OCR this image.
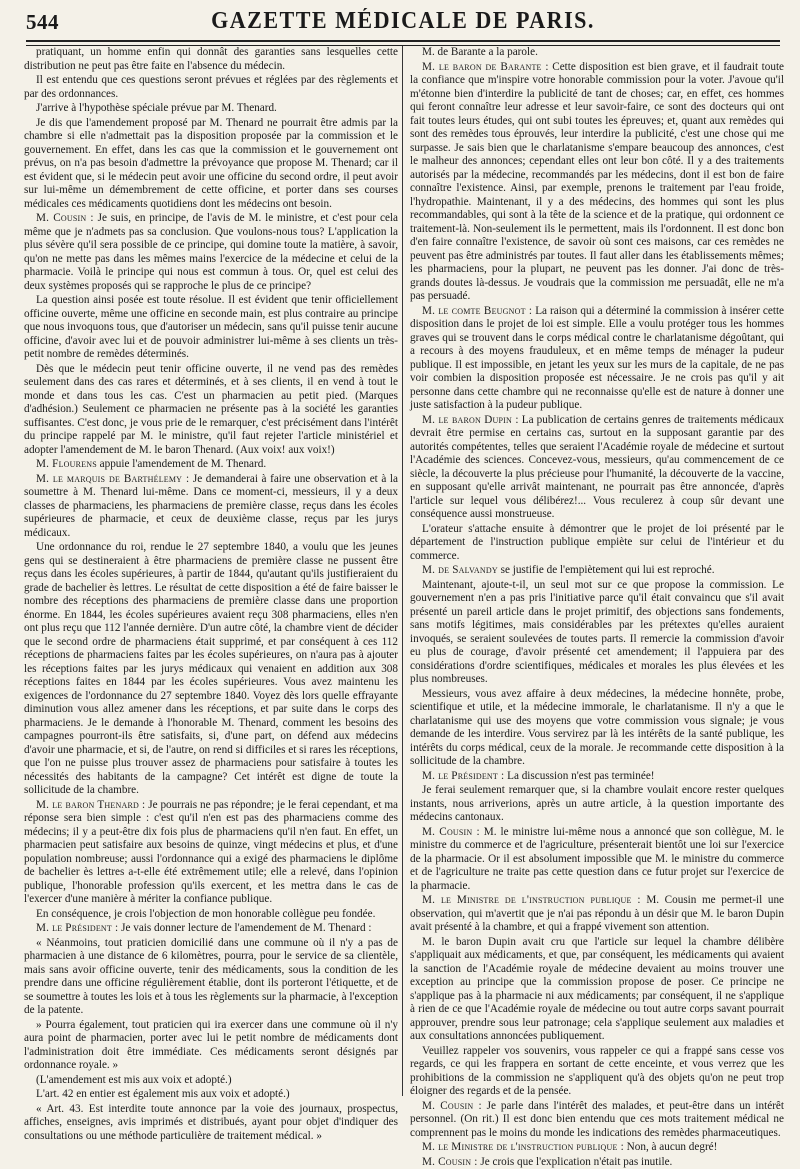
544	GAZETTE MÉDICALE DE PARIS.

pratiquant, un homme enfin qui donnât des garanties sans lesquelles cette distribution ne peut pas être faite en l'absence du médecin.

Il est entendu que ces questions seront prévues et réglées par des règlements et par des ordonnances.

J'arrive à l'hypothèse spéciale prévue par M. Thenard.

Je dis que l'amendement proposé par M. Thenard ne pourrait être admis par la chambre si elle n'admettait pas la disposition proposée par la commission et le gouvernement. En effet, dans les cas que la commission et le gouvernement ont prévus, on n'a pas besoin d'admettre la prévoyance que propose M. Thenard; car il est évident que, si le médecin peut avoir une officine du second ordre, il peut avoir sur lui-même un démembrement de cette officine, et porter dans ses courses médicales ces médicaments quotidiens dont les médecins ont besoin.

M. Cousin : Je suis, en principe, de l'avis de M. le ministre, et c'est pour cela même que je n'admets pas sa conclusion. Que voulons-nous tous? L'application la plus sévère qu'il sera possible de ce principe, qui domine toute la matière, à savoir, qu'on ne mette pas dans les mêmes mains l'exercice de la médecine et celui de la pharmacie. Voilà le principe qui nous est commun à tous. Or, quel est celui des deux systèmes proposés qui se rapproche le plus de ce principe?

La question ainsi posée est toute résolue. Il est évident que tenir officiellement officine ouverte, même une officine en seconde main, est plus contraire au principe que nous invoquons tous, que d'autoriser un médecin, sans qu'il puisse tenir aucune officine, d'avoir avec lui et de pouvoir administrer lui-même à ses clients un très-petit nombre de remèdes déterminés.

Dès que le médecin peut tenir officine ouverte, il ne vend pas des remèdes seulement dans des cas rares et déterminés, et à ses clients, il en vend à tout le monde et dans tous les cas. C'est un pharmacien au petit pied. (Marques d'adhésion.) Seulement ce pharmacien ne présente pas à la société les garanties suffisantes. C'est donc, je vous prie de le remarquer, c'est précisément dans l'intérêt du principe rappelé par M. le ministre, qu'il faut rejeter l'article ministériel et adopter l'amendement de M. le baron Thenard. (Aux voix! aux voix!)

M. Flourens appuie l'amendement de M. Thenard.

M. le marquis de Barthélemy : Je demanderai à faire une observation et à la soumettre à M. Thenard lui-même. Dans ce moment-ci, messieurs, il y a deux classes de pharmaciens, les pharmaciens de première classe, reçus dans les écoles supérieures de pharmacie, et ceux de deuxième classe, reçus par les jurys médicaux.

Une ordonnance du roi, rendue le 27 septembre 1840, a voulu que les jeunes gens qui se destineraient à être pharmaciens de première classe ne pussent être reçus dans les écoles supérieures, à partir de 1844, qu'autant qu'ils justifieraient du grade de bachelier ès lettres. Le résultat de cette disposition a été de faire baisser le nombre des réceptions des pharmaciens de première classe dans une proportion énorme. En 1844, les écoles supérieures avaient reçu 308 pharmaciens, elles n'en ont plus reçu que 112 l'année dernière. D'un autre côté, la chambre vient de décider que le second ordre de pharmaciens était supprimé, et par conséquent à ces 112 réceptions de pharmaciens faites par les écoles supérieures, on n'aura pas à ajouter les réceptions faites par les jurys médicaux qui venaient en addition aux 308 réceptions faites en 1844 par les écoles supérieures. Vous avez maintenu les exigences de l'ordonnance du 27 septembre 1840. Voyez dès lors quelle effrayante diminution vous allez amener dans les réceptions, et par suite dans le corps des pharmaciens. Je le demande à l'honorable M. Thenard, comment les besoins des campagnes pourront-ils être satisfaits, si, d'une part, on défend aux médecins d'avoir une pharmacie, et si, de l'autre, on rend si difficiles et si rares les réceptions, que l'on ne puisse plus trouver assez de pharmaciens pour satisfaire à toutes les nécessités des habitants de la campagne? Cet intérêt est digne de toute la sollicitude de la chambre.

M. le baron Thenard : Je pourrais ne pas répondre; je le ferai cependant, et ma réponse sera bien simple : c'est qu'il n'en est pas des pharmaciens comme des médecins; il y a peut-être dix fois plus de pharmaciens qu'il n'en faut. En effet, un pharmacien peut satisfaire aux besoins de quinze, vingt médecins et plus, et d'une population nombreuse; aussi l'ordonnance qui a exigé des pharmaciens le diplôme de bachelier ès lettres a-t-elle été extrêmement utile; elle a relevé, dans l'opinion publique, l'honorable profession qu'ils exercent, et les mettra dans le cas de l'exercer d'une manière à mériter la confiance publique.

En conséquence, je crois l'objection de mon honorable collègue peu fondée.

M. le Président : Je vais donner lecture de l'amendement de M. Thenard :

« Néanmoins, tout praticien domicilié dans une commune où il n'y a pas de pharmacien à une distance de 6 kilomètres, pourra, pour le service de sa clientèle, mais sans avoir officine ouverte, tenir des médicaments, sous la condition de les prendre dans une officine régulièrement établie, dont ils porteront l'étiquette, et de se soumettre à toutes les lois et à tous les règlements sur la pharmacie, à l'exception de la patente.

» Pourra également, tout praticien qui ira exercer dans une commune où il n'y aura point de pharmacien, porter avec lui le petit nombre de médicaments dont l'administration doit être immédiate. Ces médicaments seront désignés par ordonnance royale. »

(L'amendement est mis aux voix et adopté.)

L'art. 42 en entier est également mis aux voix et adopté.)

« Art. 43. Est interdite toute annonce par la voie des journaux, prospectus, affiches, enseignes, avis imprimés et distribués, ayant pour objet d'indiquer des consultations ou une méthode particulière de traitement médical. »

M. de Barante a la parole.

M. le baron de Barante : Cette disposition est bien grave, et il faudrait toute la confiance que m'inspire votre honorable commission pour la voter. J'avoue qu'il m'étonne bien d'interdire la publicité de tant de choses; car, en effet, ces hommes qui feront connaître leur adresse et leur savoir-faire, ce sont des docteurs qui ont fait toutes leurs études, qui ont subi toutes les épreuves; et, quant aux remèdes qui sont des remèdes tous éprouvés, leur interdire la publicité, c'est une chose qui me surpasse. Je sais bien que le charlatanisme s'empare beaucoup des annonces, c'est le malheur des annonces; cependant elles ont leur bon côté. Il y a des traitements autorisés par la médecine, recommandés par les médecins, dont il est bon de faire connaître l'existence. Ainsi, par exemple, prenons le traitement par l'eau froide, l'hydropathie. Maintenant, il y a des médecins, des hommes qui sont les plus recommandables, qui sont à la tête de la science et de la pratique, qui ordonnent ce traitement-là. Non-seulement ils le permettent, mais ils l'ordonnent. Il est donc bon d'en faire connaître l'existence, de savoir où sont ces maisons, car ces remèdes ne peuvent pas être administrés par toutes. Il faut aller dans les établissements mêmes; les pharmaciens, pour la plupart, ne peuvent pas les donner. J'ai donc de très-grands doutes là-dessus. Je voudrais que la commission me persuadât, elle ne m'a pas persuadé.

M. le comte Beugnot : La raison qui a déterminé la commission à insérer cette disposition dans le projet de loi est simple. Elle a voulu protéger tous les hommes graves qui se trouvent dans le corps médical contre le charlatanisme dégoûtant, qui a recours à des moyens frauduleux, et en même temps de ménager la pudeur publique. Il est impossible, en jetant les yeux sur les murs de la capitale, de ne pas voir combien la disposition proposée est nécessaire. Je ne crois pas qu'il y ait personne dans cette chambre qui ne reconnaisse qu'elle est de nature à donner une juste satisfaction à la pudeur publique.

M. le baron Dupin : La publication de certains genres de traitements médicaux devrait être permise en certains cas, surtout en la supposant garantie par des autorités compétentes, telles que seraient l'Académie royale de médecine et surtout l'Académie des sciences. Concevez-vous, messieurs, qu'au commencement de ce siècle, la découverte la plus précieuse pour l'humanité, la découverte de la vaccine, en supposant qu'elle arrivât maintenant, ne pourrait pas être annoncée, d'après l'article sur lequel vous délibérez!... Vous reculerez à coup sûr devant une conséquence aussi monstrueuse.

L'orateur s'attache ensuite à démontrer que le projet de loi présenté par le département de l'instruction publique empiète sur celui de l'intérieur et du commerce.

M. de Salvandy se justifie de l'empiètement qui lui est reproché.

Maintenant, ajoute-t-il, un seul mot sur ce que propose la commission. Le gouvernement n'en a pas pris l'initiative parce qu'il était convaincu que s'il avait présenté un pareil article dans le projet primitif, des objections sans fondements, sans motifs légitimes, mais considérables par les prétextes qu'elles auraient invoqués, se seraient soulevées de toutes parts. Il remercie la commission d'avoir eu plus de courage, d'avoir présenté cet amendement; il l'appuiera par des considérations d'ordre scientifiques, médicales et morales les plus élevées et les plus nombreuses.

Messieurs, vous avez affaire à deux médecines, la médecine honnête, probe, scientifique et utile, et la médecine immorale, le charlatanisme. Il n'y a que le charlatanisme qui use des moyens que votre commission vous signale; je vous demande de les interdire. Vous servirez par là les intérêts de la santé publique, les intérêts du corps médical, ceux de la morale. Je recommande cette disposition à la sollicitude de la chambre.

M. le Président : La discussion n'est pas terminée!

Je ferai seulement remarquer que, si la chambre voulait encore rester quelques instants, nous arriverions, après un autre article, à la question importante des médecins cantonaux.

M. Cousin : M. le ministre lui-même nous a annoncé que son collègue, M. le ministre du commerce et de l'agriculture, présenterait bientôt une loi sur l'exercice de la pharmacie. Or il est absolument impossible que M. le ministre du commerce et de l'agriculture ne traite pas cette question dans ce futur projet sur l'exercice de la pharmacie.

M. le Ministre de l'instruction publique : M. Cousin me permet-il une observation, qui m'avertit que je n'ai pas répondu à un désir que M. le baron Dupin avait présenté à la chambre, et qui a frappé vivement son attention.

M. le baron Dupin avait cru que l'article sur lequel la chambre délibère s'appliquait aux médicaments, et que, par conséquent, les médicaments qui avaient la sanction de l'Académie royale de médecine devaient au moins trouver une exception au principe que la commission propose de poser. Ce principe ne s'applique pas à la pharmacie ni aux médicaments; par conséquent, il ne s'applique à rien de ce que l'Académie royale de médecine ou tout autre corps savant pourrait approuver, prendre sous leur patronage; cela s'applique seulement aux maladies et aux consultations annoncées publiquement.

Veuillez rappeler vos souvenirs, vous rappeler ce qui a frappé sans cesse vos regards, ce qui les frappera en sortant de cette enceinte, et vous verrez que les prohibitions de la commission ne s'appliquent qu'à des objets qu'on ne peut trop éloigner des regards et de la pensée.

M. Cousin : Je parle dans l'intérêt des malades, et peut-être dans un intérêt personnel. (On rit.) Il est donc bien entendu que ces mots traitement médical ne comprennent pas le moins du monde les indications des remèdes pharmaceutiques.

M. le Ministre de l'instruction publique : Non, à aucun degré!

M. Cousin : Je crois que l'explication n'était pas inutile.
